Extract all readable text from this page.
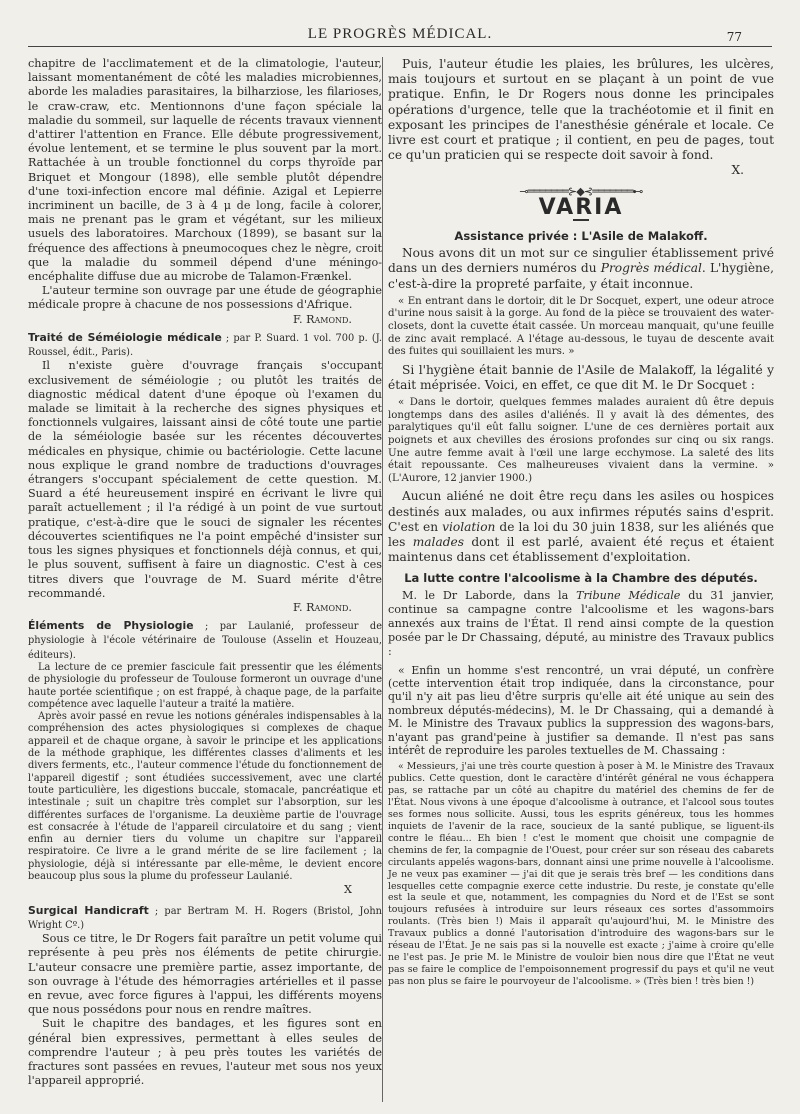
LE PROGRÈS MÉDICAL.	77

chapitre de l'acclimatement et de la climatologie, l'auteur, laissant momentanément de côté les maladies microbiennes, aborde les maladies parasitaires, la bilharziose, les filarioses, le craw-craw, etc. Mentionnons d'une façon spéciale la maladie du sommeil, sur laquelle de récents travaux viennent d'attirer l'attention en France. Elle débute progressivement, évolue lentement, et se termine le plus souvent par la mort. Rattachée à un trouble fonctionnel du corps thyroïde par Briquet et Mongour (1898), elle semble plutôt dépendre d'une toxi-infection encore mal définie. Azigal et Lepierre incriminent un bacille, de 3 à 4 μ de long, facile à colorer, mais ne prenant pas le gram et végétant, sur les milieux usuels des laboratoires. Marchoux (1899), se basant sur la fréquence des affections à pneumocoques chez le nègre, croit que la maladie du sommeil dépend d'une méningo-encéphalite diffuse due au microbe de Talamon-Frænkel.

L'auteur termine son ouvrage par une étude de géographie médicale propre à chacune de nos possessions d'Afrique.

F. Ramond.

Traité de Séméiologie médicale ; par P. Suard. 1 vol. 700 p. (J. Roussel, édit., Paris).

Il n'existe guère d'ouvrage français s'occupant exclusivement de séméiologie ; ou plutôt les traités de diagnostic médical datent d'une époque où l'examen du malade se limitait à la recherche des signes physiques et fonctionnels vulgaires, laissant ainsi de côté toute une partie de la séméiologie basée sur les récentes découvertes médicales en physique, chimie ou bactériologie. Cette lacune nous explique le grand nombre de traductions d'ouvrages étrangers s'occupant spécialement de cette question. M. Suard a été heureusement inspiré en écrivant le livre qui paraît actuellement ; il l'a rédigé à un point de vue surtout pratique, c'est-à-dire que le souci de signaler les récentes découvertes scientifiques ne l'a point empêché d'insister sur tous les signes physiques et fonctionnels déjà connus, et qui, le plus souvent, suffisent à faire un diagnostic. C'est à ces titres divers que l'ouvrage de M. Suard mérite d'être recommandé.

F. Ramond.

Éléments de Physiologie ; par Laulanié, professeur de physiologie à l'école vétérinaire de Toulouse (Asselin et Houzeau, éditeurs).

La lecture de ce premier fascicule fait pressentir que les éléments de physiologie du professeur de Toulouse formeront un ouvrage d'une haute portée scientifique ; on est frappé, à chaque page, de la parfaite compétence avec laquelle l'auteur a traité la matière.

Après avoir passé en revue les notions générales indispensables à la compréhension des actes physiologiques si complexes de chaque appareil et de chaque organe, à savoir le principe et les applications de la méthode graphique, les différentes classes d'aliments et les divers ferments, etc., l'auteur commence l'étude du fonctionnement de l'appareil digestif ; sont étudiées successivement, avec une clarté toute particulière, les digestions buccale, stomacale, pancréatique et intestinale ; suit un chapitre très complet sur l'absorption, sur les différentes surfaces de l'organisme. La deuxième partie de l'ouvrage est consacrée à l'étude de l'appareil circulatoire et du sang ; vient enfin au dernier tiers du volume un chapitre sur l'appareil respiratoire. Ce livre a le grand mérite de se lire facilement ; la physiologie, déjà si intéressante par elle-même, le devient encore beaucoup plus sous la plume du professeur Laulanié.

X

Surgical Handicraft ; par Bertram M. H. Rogers (Bristol, John Wright Cº.)

Sous ce titre, le Dr Rogers fait paraître un petit volume qui représente à peu près nos éléments de petite chirurgie. L'auteur consacre une première partie, assez importante, de son ouvrage à l'étude des hémorragies artérielles et il passe en revue, avec force figures à l'appui, les différents moyens que nous possédons pour nous en rendre maîtres.

Suit le chapitre des bandages, et les figures sont en général bien expressives, permettant à elles seules de comprendre l'auteur ; à peu près toutes les variétés de fractures sont passées en revues, l'auteur met sous nos yeux l'appareil approprié.

Puis, l'auteur étudie les plaies, les brûlures, les ulcères, mais toujours et surtout en se plaçant à un point de vue pratique. Enfin, le Dr Rogers nous donne les principales opérations d'urgence, telle que la trachéotomie et il finit en exposant les principes de l'anesthésie générale et locale. Ce livre est court et pratique ; il contient, en peu de pages, tout ce qu'un praticien qui se respecte doit savoir à fond.

X.
⊸═══════⊱◆⊰═══════⊷
VARIA
Assistance privée : L'Asile de Malakoff.

Nous avons dit un mot sur ce singulier établissement privé dans un des derniers numéros du Progrès médical. L'hygiène, c'est-à-dire la propreté parfaite, y était inconnue.

« En entrant dans le dortoir, dit le Dr Socquet, expert, une odeur atroce d'urine nous saisit à la gorge. Au fond de la pièce se trouvaient des water-closets, dont la cuvette était cassée. Un morceau manquait, qu'une feuille de zinc avait remplacé. A l'étage au-dessous, le tuyau de descente avait des fuites qui souillaient les murs. »

Si l'hygiène était bannie de l'Asile de Malakoff, la légalité y était méprisée. Voici, en effet, ce que dit M. le Dr Socquet :

« Dans le dortoir, quelques femmes malades auraient dû être depuis longtemps dans des asiles d'aliénés. Il y avait là des démentes, des paralytiques qu'il eût fallu soigner. L'une de ces dernières portait aux poignets et aux chevilles des érosions profondes sur cinq ou six rangs. Une autre femme avait à l'œil une large ecchymose. La saleté des lits était repoussante. Ces malheureuses vivaient dans la vermine. » (L'Aurore, 12 janvier 1900.)

Aucun aliéné ne doit être reçu dans les asiles ou hospices destinés aux malades, ou aux infirmes réputés sains d'esprit. C'est en violation de la loi du 30 juin 1838, sur les aliénés que les malades dont il est parlé, avaient été reçus et étaient maintenus dans cet établissement d'exploitation.

La lutte contre l'alcoolisme à la Chambre des députés.

M. le Dr Laborde, dans la Tribune Médicale du 31 janvier, continue sa campagne contre l'alcoolisme et les wagons-bars annexés aux trains de l'État. Il rend ainsi compte de la question posée par le Dr Chassaing, député, au ministre des Travaux publics :

« Enfin un homme s'est rencontré, un vrai député, un confrère (cette intervention était trop indiquée, dans la circonstance, pour qu'il n'y ait pas lieu d'être surpris qu'elle ait été unique au sein des nombreux députés-médecins), M. le Dr Chassaing, qui a demandé à M. le Ministre des Travaux publics la suppression des wagons-bars, n'ayant pas grand'peine à justifier sa demande. Il n'est pas sans intérêt de reproduire les paroles textuelles de M. Chassaing :

« Messieurs, j'ai une très courte question à poser à M. le Ministre des Travaux publics. Cette question, dont le caractère d'intérêt général ne vous échappera pas, se rattache par un côté au chapitre du matériel des chemins de fer de l'État. Nous vivons à une époque d'alcoolisme à outrance, et l'alcool sous toutes ses formes nous sollicite. Aussi, tous les esprits généreux, tous les hommes inquiets de l'avenir de la race, soucieux de la santé publique, se liguent-ils contre le fléau... Eh bien ! c'est le moment que choisit une compagnie de chemins de fer, la compagnie de l'Ouest, pour créer sur son réseau des cabarets circulants appelés wagons-bars, donnant ainsi une prime nouvelle à l'alcoolisme. Je ne veux pas examiner — j'ai dit que je serais très bref — les conditions dans lesquelles cette compagnie exerce cette industrie. Du reste, je constate qu'elle est la seule et que, notamment, les compagnies du Nord et de l'Est se sont toujours refusées à introduire sur leurs réseaux ces sortes d'assommoirs roulants. (Très bien !) Mais il apparaît qu'aujourd'hui, M. le Ministre des Travaux publics a donné l'autorisation d'introduire des wagons-bars sur le réseau de l'État. Je ne sais pas si la nouvelle est exacte ; j'aime à croire qu'elle ne l'est pas. Je prie M. le Ministre de vouloir bien nous dire que l'État ne veut pas se faire le complice de l'empoisonnement progressif du pays et qu'il ne veut pas non plus se faire le pourvoyeur de l'alcoolisme. » (Très bien ! très bien !)
